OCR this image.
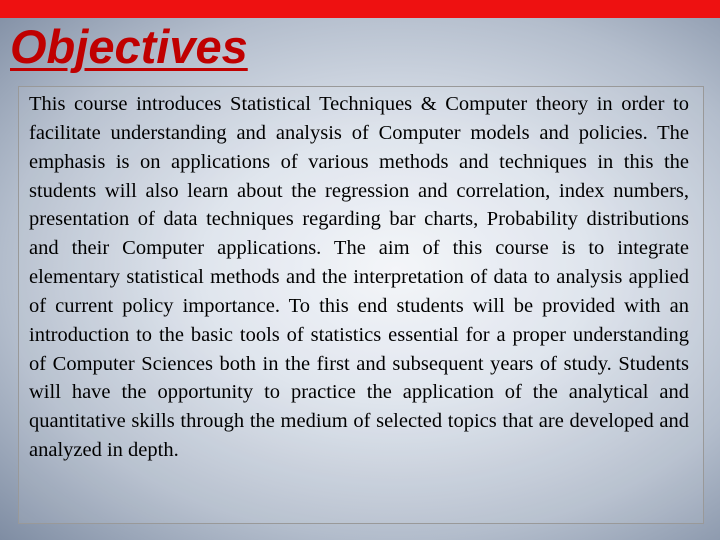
Objectives

This course introduces Statistical Techniques & Computer theory in order to facilitate understanding and analysis of Computer models and policies. The emphasis is on applications of various methods and techniques in this the students will also learn about the regression and correlation, index numbers, presentation of data techniques regarding bar charts, Probability distributions and their Computer applications. The aim of this course is to integrate elementary statistical methods and the interpretation of data to analysis applied of current policy importance. To this end students will be provided with an introduction to the basic tools of statistics essential for a proper understanding of Computer Sciences both in the first and subsequent years of study. Students will have the opportunity to practice the application of the analytical and quantitative skills through the medium of selected topics that are developed and analyzed in depth.
